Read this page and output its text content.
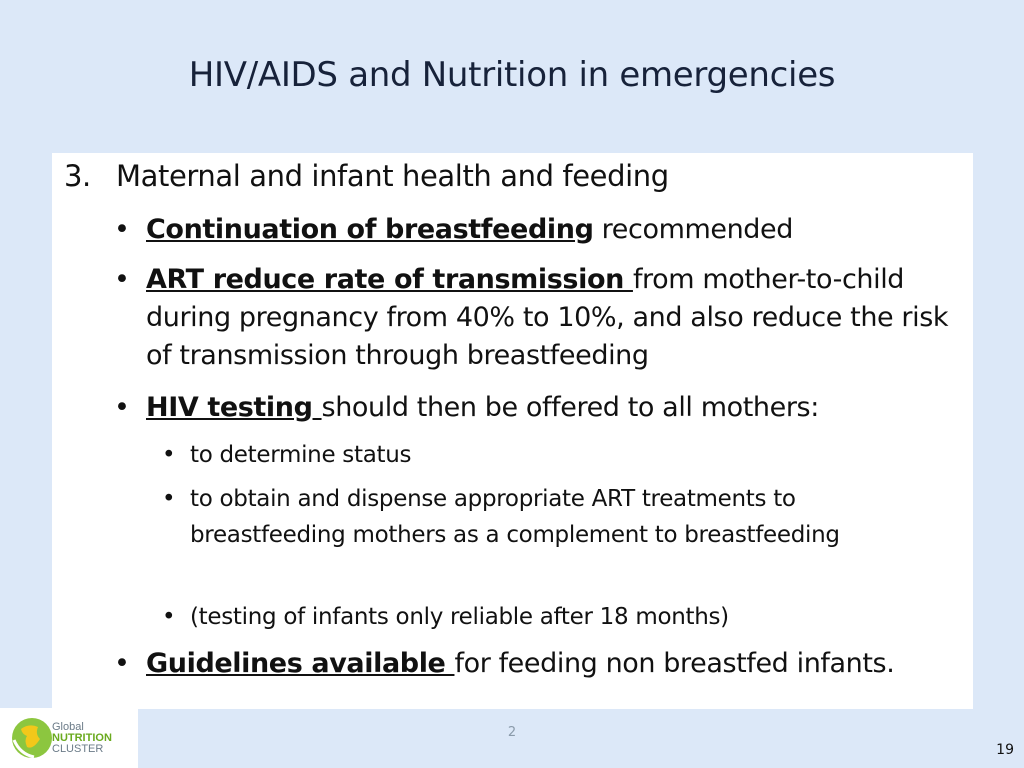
HIV/AIDS and Nutrition in emergencies
3. Maternal and infant health and feeding
• Continuation of breastfeeding recommended
• ART reduce rate of transmission from mother-to-child during pregnancy from 40% to 10%, and also reduce the risk of transmission through breastfeeding
• HIV testing should then be offered to all mothers:
• to determine status
• to obtain and dispense appropriate ART treatments to breastfeeding mothers as a complement to breastfeeding
• (testing of infants only reliable after 18 months)
• Guidelines available for feeding non breastfed infants.
Global
NUTRITION
CLUSTER
2
19
